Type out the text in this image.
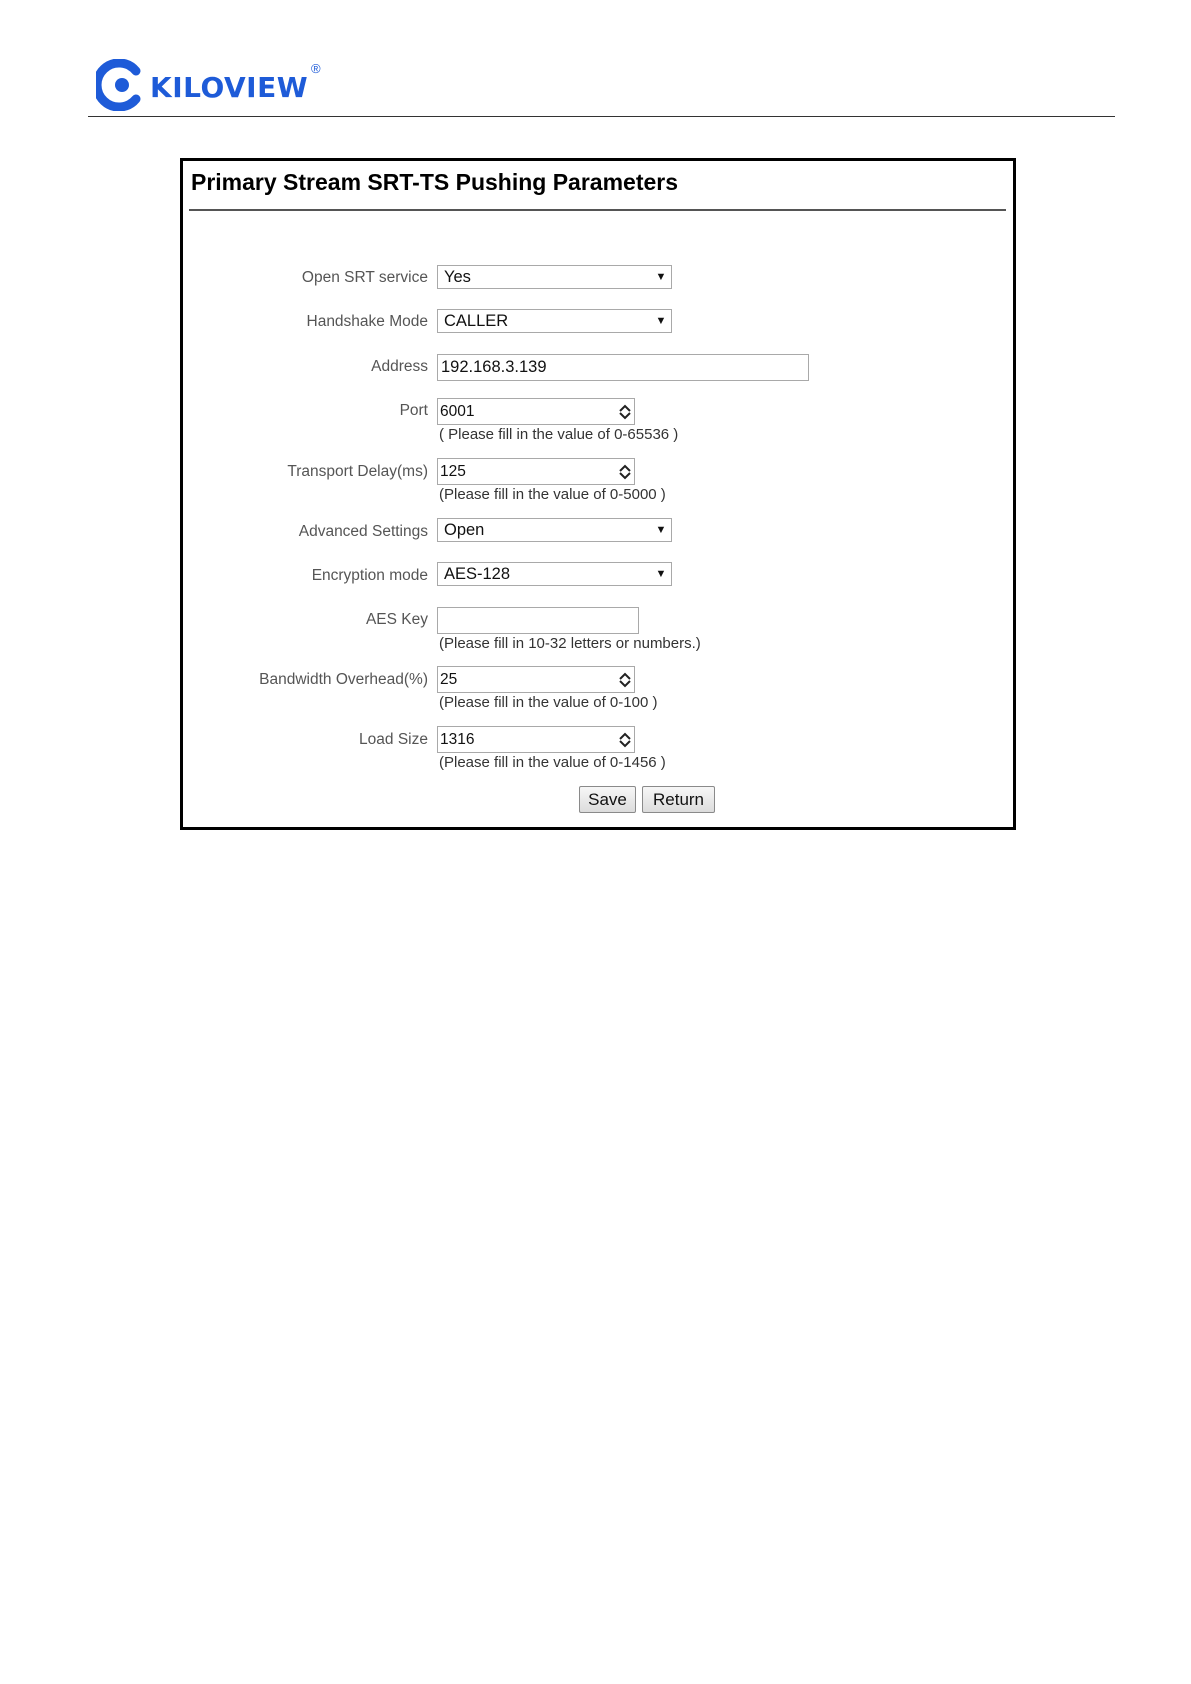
KILOVIEW
®
Primary Stream SRT-TS Pushing Parameters
Open SRT service Yes	▼
Handshake Mode CALLER	▼
Address 192.168.3.139
Port 6001
( Please fill in the value of 0-65536 )
Transport Delay(ms) 125
(Please fill in the value of 0-5000 )
Advanced Settings Open	▼
Encryption mode AES-128	▼
AES Key
(Please fill in 10-32 letters or numbers.)
Bandwidth Overhead(%) 25
(Please fill in the value of 0-100 )
Load Size 1316
(Please fill in the value of 0-1456 )
Save	Return
